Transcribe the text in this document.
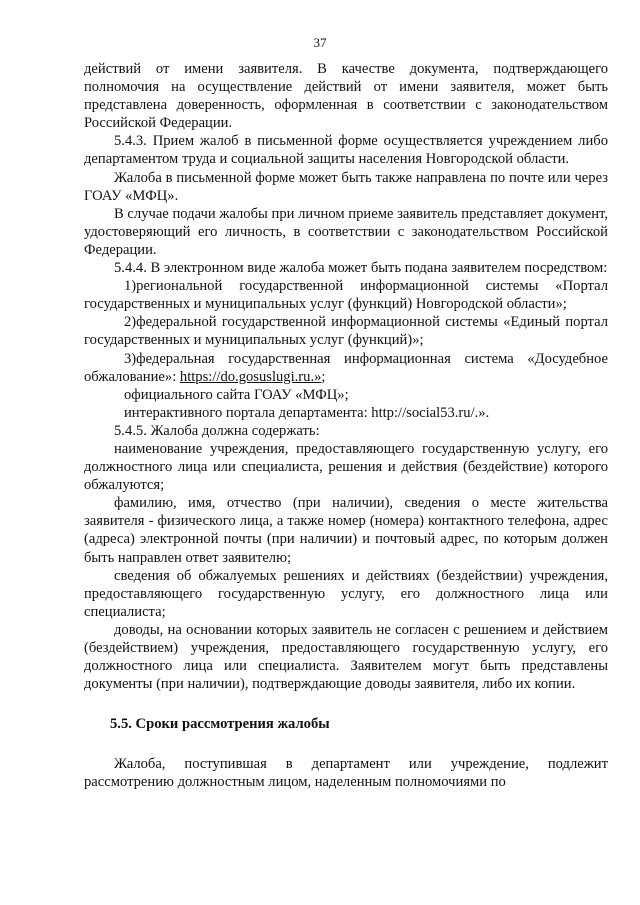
37

действий от имени заявителя. В качестве документа, подтверждающего полномочия на осуществление действий от имени заявителя, может быть представлена доверенность, оформленная в соответствии с законодательством Российской Федерации.

5.4.3. Прием жалоб в письменной форме осуществляется учреждением либо департаментом труда и социальной защиты населения Новгородской области.

Жалоба в письменной форме может быть также направлена по почте или через ГОАУ «МФЦ».

В случае подачи жалобы при личном приеме заявитель представляет документ, удостоверяющий его личность, в соответствии с законодательством Российской Федерации.

5.4.4. В электронном виде жалоба может быть подана заявителем посредством:

1)региональной государственной информационной системы «Портал государственных и муниципальных услуг (функций) Новгородской области»;

2)федеральной государственной информационной системы «Единый портал государственных и муниципальных услуг (функций)»;

3)федеральная государственная информационная система «Досудебное обжалование»: https://do.gosuslugi.ru.»;

официального сайта ГОАУ «МФЦ»;

интерактивного портала департамента: http://social53.ru/.».

5.4.5. Жалоба должна содержать:

наименование учреждения, предоставляющего государственную услугу, его должностного лица или специалиста, решения и действия (бездействие) которого обжалуются;

фамилию, имя, отчество (при наличии), сведения о месте жительства заявителя - физического лица, а также номер (номера) контактного телефона, адрес (адреса) электронной почты (при наличии) и почтовый адрес, по которым должен быть направлен ответ заявителю;

сведения об обжалуемых решениях и действиях (бездействии) учреждения, предоставляющего государственную услугу, его должностного лица или специалиста;

доводы, на основании которых заявитель не согласен с решением и действием (бездействием) учреждения, предоставляющего государственную услугу, его должностного лица или специалиста. Заявителем могут быть представлены документы (при наличии), подтверждающие доводы заявителя, либо их копии.

5.5. Сроки рассмотрения жалобы

Жалоба, поступившая в департамент или учреждение, подлежит рассмотрению должностным лицом, наделенным полномочиями по
